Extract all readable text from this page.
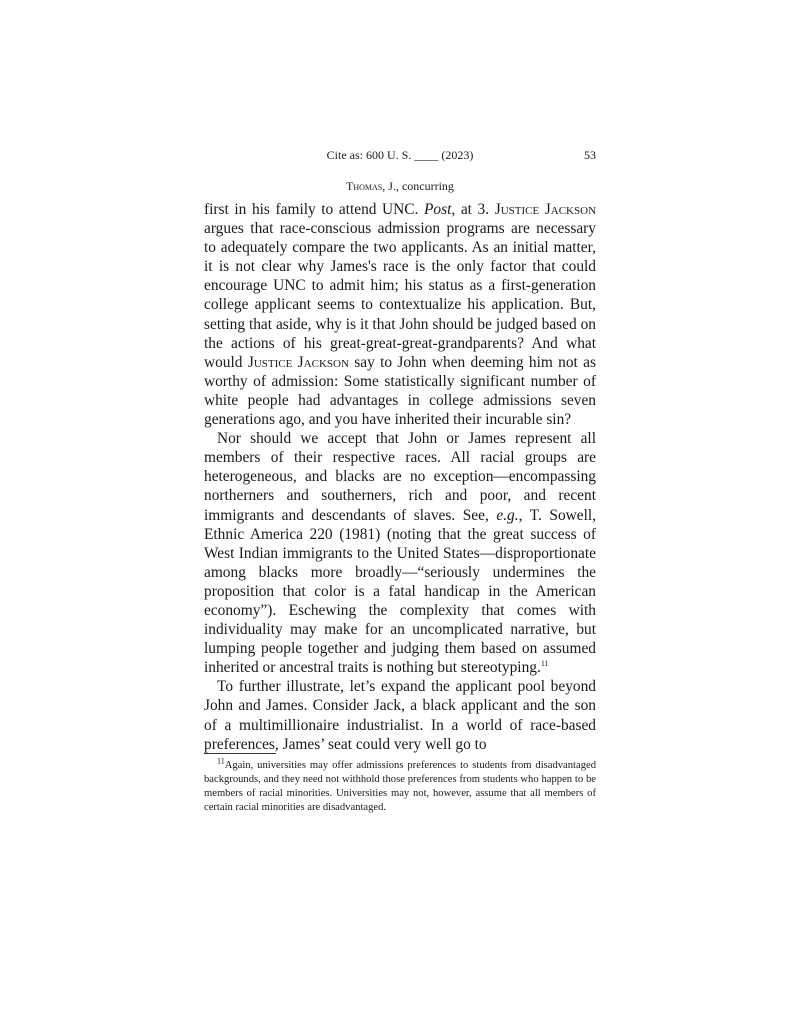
Cite as: 600 U. S. ____ (2023)	53
Thomas, J., concurring

first in his family to attend UNC. Post, at 3. Justice Jackson argues that race-conscious admission programs are necessary to adequately compare the two applicants. As an initial matter, it is not clear why James's race is the only factor that could encourage UNC to admit him; his status as a first-generation college applicant seems to contextualize his application. But, setting that aside, why is it that John should be judged based on the actions of his great-great-great-grandparents? And what would Justice Jackson say to John when deeming him not as worthy of admission: Some statistically significant number of white people had advantages in college admissions seven generations ago, and you have inherited their incurable sin?

Nor should we accept that John or James represent all members of their respective races. All racial groups are heterogeneous, and blacks are no exception—encompassing northerners and southerners, rich and poor, and recent immigrants and descendants of slaves. See, e.g., T. Sowell, Ethnic America 220 (1981) (noting that the great success of West Indian immigrants to the United States—disproportionate among blacks more broadly—“seriously undermines the proposition that color is a fatal handicap in the American economy”). Eschewing the complexity that comes with individuality may make for an uncomplicated narrative, but lumping people together and judging them based on assumed inherited or ancestral traits is nothing but stereotyping.$^{11}$

To further illustrate, let’s expand the applicant pool beyond John and James. Consider Jack, a black applicant and the son of a multimillionaire industrialist. In a world of race-based preferences, James’ seat could very well go to

$^{11}$Again, universities may offer admissions preferences to students from disadvantaged backgrounds, and they need not withhold those preferences from students who happen to be members of racial minorities. Universities may not, however, assume that all members of certain racial minorities are disadvantaged.
